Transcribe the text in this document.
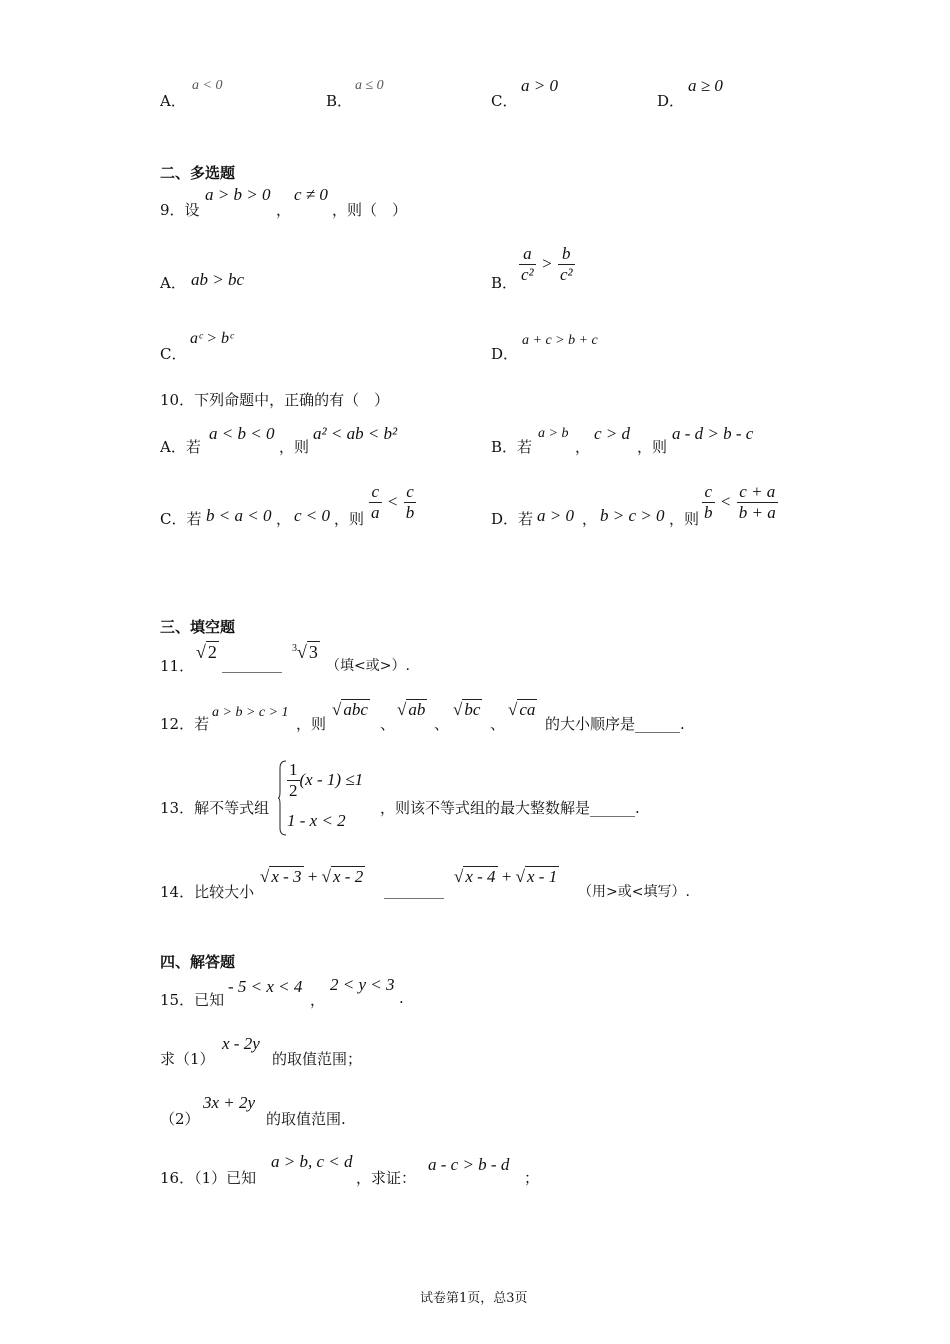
A．
a < 0
B．
a ≤ 0
C．
a > 0
D．
a ≥ 0
二、多选题
9．设
a > b > 0
，
c ≠ 0
，则（　）
A． ab > bc	B． $\frac{a}{\text{c²}} > \frac{b}{\text{c²}}$
C．
aᶜ > bᶜ
D．
a + c > b + c
10．下列命题中，正确的有（　）
A．若
a < b < 0
，则
a² < ab < b²
B．若
a > b
，
c > d
，则
a - d > b - c
C．若 b < a < 0 ， c < 0 ，则 $\frac{c}{a} < \frac{c}{b}$	D．若 a > 0 ， b > c > 0 ，则 $\frac{c}{b} < \frac{c + a}{b + a}$
三、填空题
11．
√ 2
________
$^3$√ 3
（填<或>）.
12．若
a > b > c > 1
，则
√ abc
、
√ ab
、
√ bc
、
√ ca
的大小顺序是______.
13．解不等式组
$\frac{1}{2} (x - 1) \le 1$
1 - x < 2
，则该不等式组的最大整数解是______.
14．比较大小
√ x - 3 + √ x - 2
________
√ x - 4 + √ x - 1
（用>或<填写）.
四、解答题
15．已知
- 5 < x < 4
，
2 < y < 3
.
求（1）
x - 2y
的取值范围；
（2）
3x + 2y
的取值范围.
16．（1）已知
a > b, c < d
，求证：
a - c > b - d
；
试卷第1页，总3页
